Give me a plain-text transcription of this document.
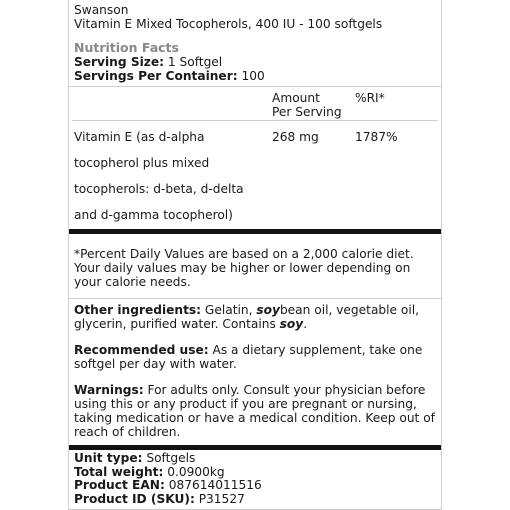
Swanson
Vitamin E Mixed Tocopherols, 400 IU - 100 softgels
Nutrition Facts
Serving Size: 1 Softgel
Servings Per Container: 100
Amount
Per Serving
%RI*
Vitamin E (as d-alpha
tocopherol plus mixed
tocopherols: d-beta, d-delta
and d-gamma tocopherol)
268 mg	1787%

*Percent Daily Values are based on a 2,000 calorie diet. Your daily values may be higher or lower depending on your calorie needs.

Other ingredients: Gelatin, soybean oil, vegetable oil, glycerin, purified water. Contains soy.

Recommended use: As a dietary supplement, take one softgel per day with water.

Warnings: For adults only. Consult your physician before using this or any product if you are pregnant or nursing, taking medication or have a medical condition. Keep out of reach of children.

Unit type: Softgels
Total weight: 0.0900kg
Product EAN: 087614011516
Product ID (SKU): P31527
